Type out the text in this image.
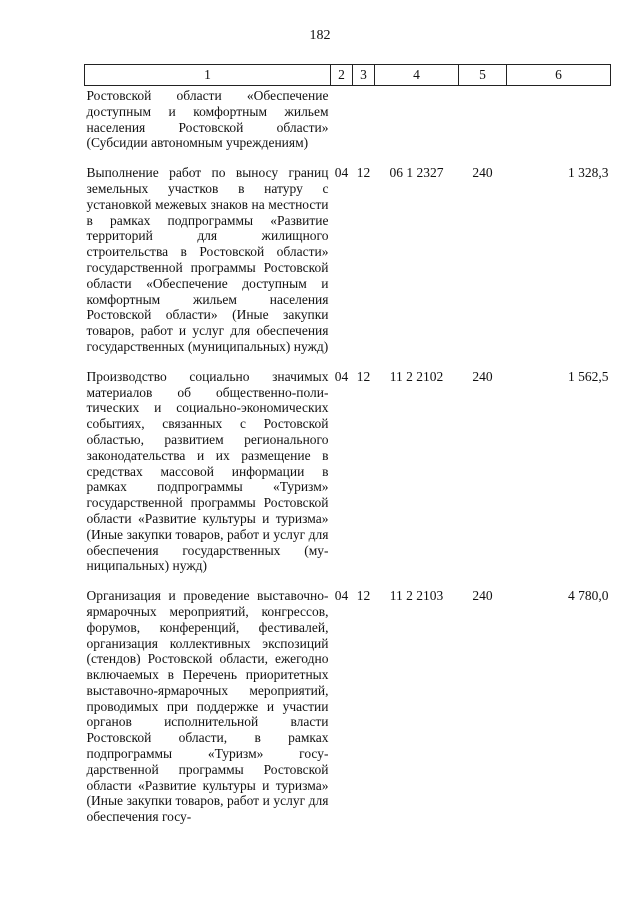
182
1	2	3	4	5	6
Ростовской области «Обеспечение доступным и комфортным жильем населения Ростовской области» (Субсидии автономным учреждениям)					
Выполнение работ по выносу границ земельных участков в натуру с установкой межевых знаков на местности в рамках подпрограммы «Развитие территорий для жилищного строительства в Ростовской области» государственной программы Ростовской области «Обеспечение доступным и комфортным жильем населения Ростовской области» (Иные закупки товаров, работ и услуг для обеспечения государственных (муниципальных) нужд)	04	12	06 1 2327	240	1 328,3
Производство социально значимых материалов об общественно-политических и социально-экономических событиях, связанных с Ростовской областью, развитием регионального законодательства и их размещение в средствах массовой информации в рамках подпрограммы «Туризм» государственной программы Ростовской области «Развитие культуры и туризма» (Иные закупки товаров, работ и услуг для обеспечения государственных (муниципальных) нужд)	04	12	11 2 2102	240	1 562,5
Организация и проведение выставочно-ярмарочных мероприятий, конгрессов, форумов, конференций, фестивалей, организация коллективных экспозиций (стендов) Ростовской области, ежегодно включаемых в Перечень приоритетных выставочно-ярмарочных мероприятий, проводимых при поддержке и участии органов исполнительной власти Ростовской области, в рамках подпрограммы «Туризм» государственной программы Ростовской области «Развитие культуры и туризма» (Иные закупки товаров, работ и услуг для обеспечения госу-	04	12	11 2 2103	240	4 780,0
